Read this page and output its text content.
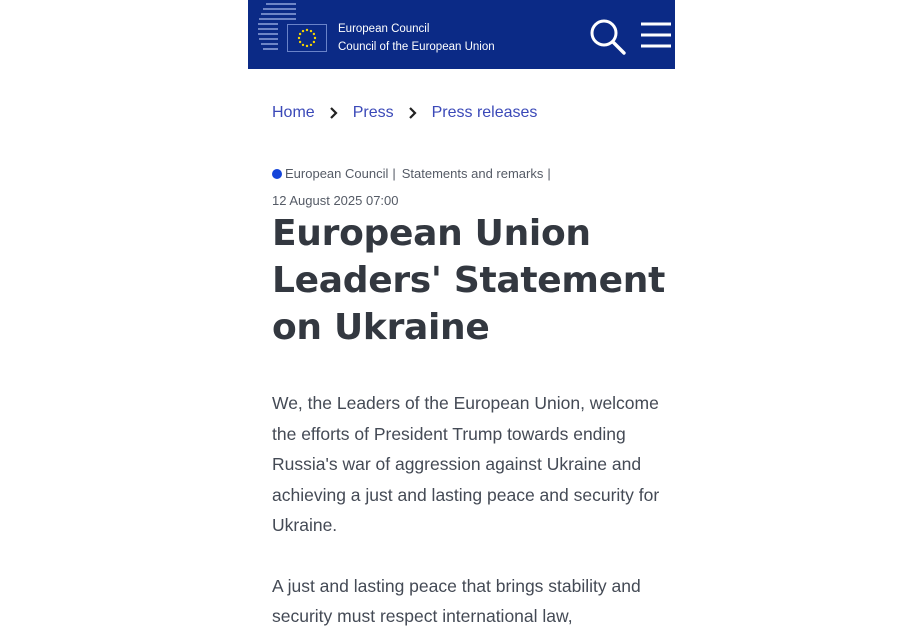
European Council
Council of the European Union
Home Press Press releases
European Council | Statements and remarks |
12 August 2025 07:00
European Union Leaders' Statement on Ukraine

We, the Leaders of the European Union, welcome the efforts of President Trump towards ending Russia's war of aggression against Ukraine and achieving a just and lasting peace and security for Ukraine.

A just and lasting peace that brings stability and security must respect international law,
